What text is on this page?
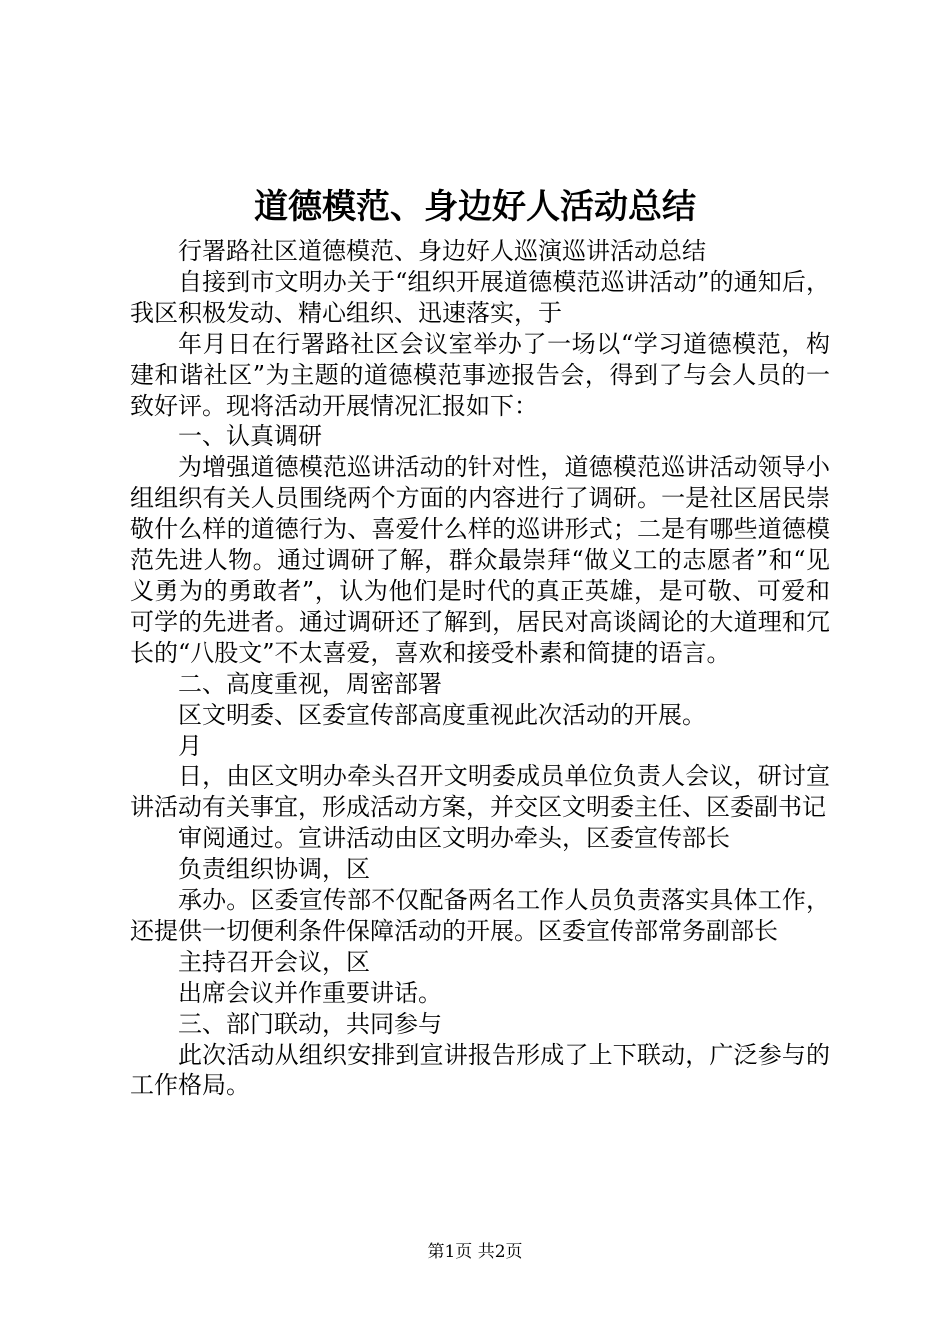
道德模范、身边好人活动总结

行署路社区道德模范、身边好人巡演巡讲活动总结

自接到市文明办关于“组织开展道德模范巡讲活动”的通知后，我区积极发动、精心组织、迅速落实，于

年月日在行署路社区会议室举办了一场以“学习道德模范，构建和谐社区”为主题的道德模范事迹报告会，得到了与会人员的一致好评。现将活动开展情况汇报如下：

一、认真调研

为增强道德模范巡讲活动的针对性，道德模范巡讲活动领导小组组织有关人员围绕两个方面的内容进行了调研。一是社区居民崇敬什么样的道德行为、喜爱什么样的巡讲形式；二是有哪些道德模范先进人物。通过调研了解，群众最崇拜“做义工的志愿者”和“见义勇为的勇敢者”，认为他们是时代的真正英雄，是可敬、可爱和可学的先进者。通过调研还了解到，居民对高谈阔论的大道理和冗长的“八股文”不太喜爱，喜欢和接受朴素和简捷的语言。

二、高度重视，周密部署

区文明委、区委宣传部高度重视此次活动的开展。

月

日，由区文明办牵头召开文明委成员单位负责人会议，研讨宣讲活动有关事宜，形成活动方案，并交区文明委主任、区委副书记

审阅通过。宣讲活动由区文明办牵头，区委宣传部长

负责组织协调，区

承办。区委宣传部不仅配备两名工作人员负责落实具体工作，还提供一切便利条件保障活动的开展。区委宣传部常务副部长

主持召开会议，区

出席会议并作重要讲话。

三、部门联动，共同参与

此次活动从组织安排到宣讲报告形成了上下联动，广泛参与的工作格局。

第1页 共2页
